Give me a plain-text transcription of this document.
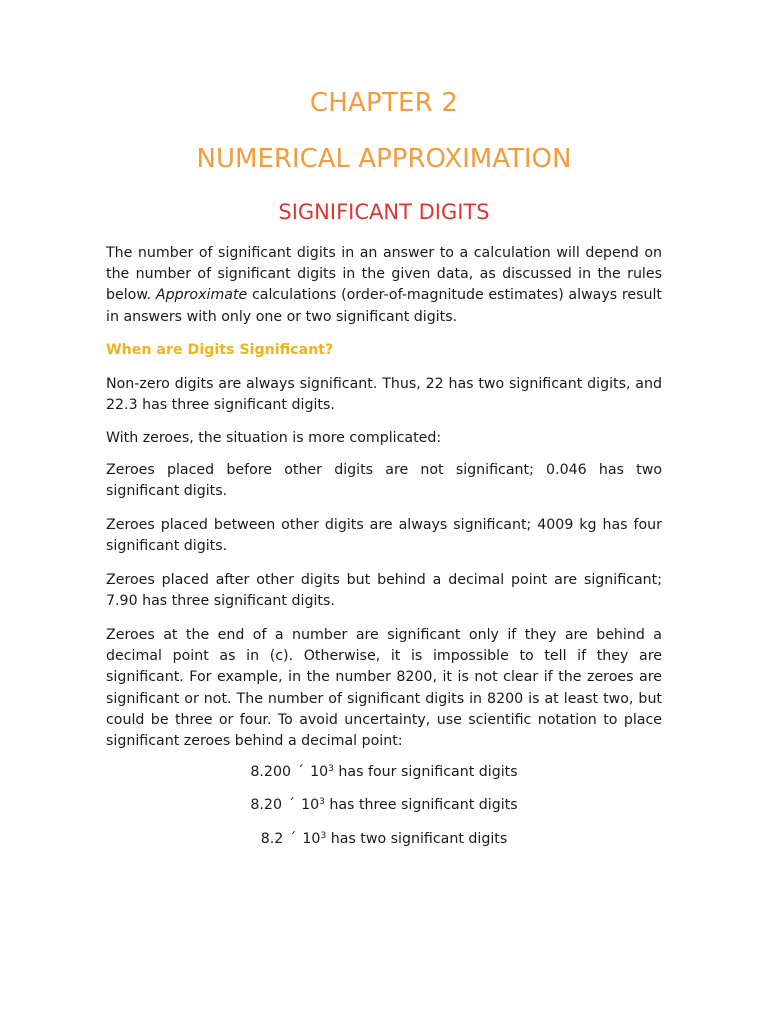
CHAPTER 2
NUMERICAL APPROXIMATION
SIGNIFICANT DIGITS

The number of significant digits in an answer to a calculation will depend on the number of significant digits in the given data, as discussed in the rules below. Approximate calculations (order-of-magnitude estimates) always result in answers with only one or two significant digits.

When are Digits Significant?

Non-zero digits are always significant. Thus, 22 has two significant digits, and 22.3 has three significant digits.

With zeroes, the situation is more complicated:

Zeroes placed before other digits are not significant; 0.046 has two significant digits.

Zeroes placed between other digits are always significant; 4009 kg has four significant digits.

Zeroes placed after other digits but behind a decimal point are significant; 7.90 has three significant digits.

Zeroes at the end of a number are significant only if they are behind a decimal point as in (c). Otherwise, it is impossible to tell if they are significant. For example, in the number 8200, it is not clear if the zeroes are significant or not. The number of significant digits in 8200 is at least two, but could be three or four. To avoid uncertainty, use scientific notation to place significant zeroes behind a decimal point:

8.200 ´ $10^3$ has four significant digits
8.20 ´ $10^3$ has three significant digits
8.2 ´ $10^3$ has two significant digits
